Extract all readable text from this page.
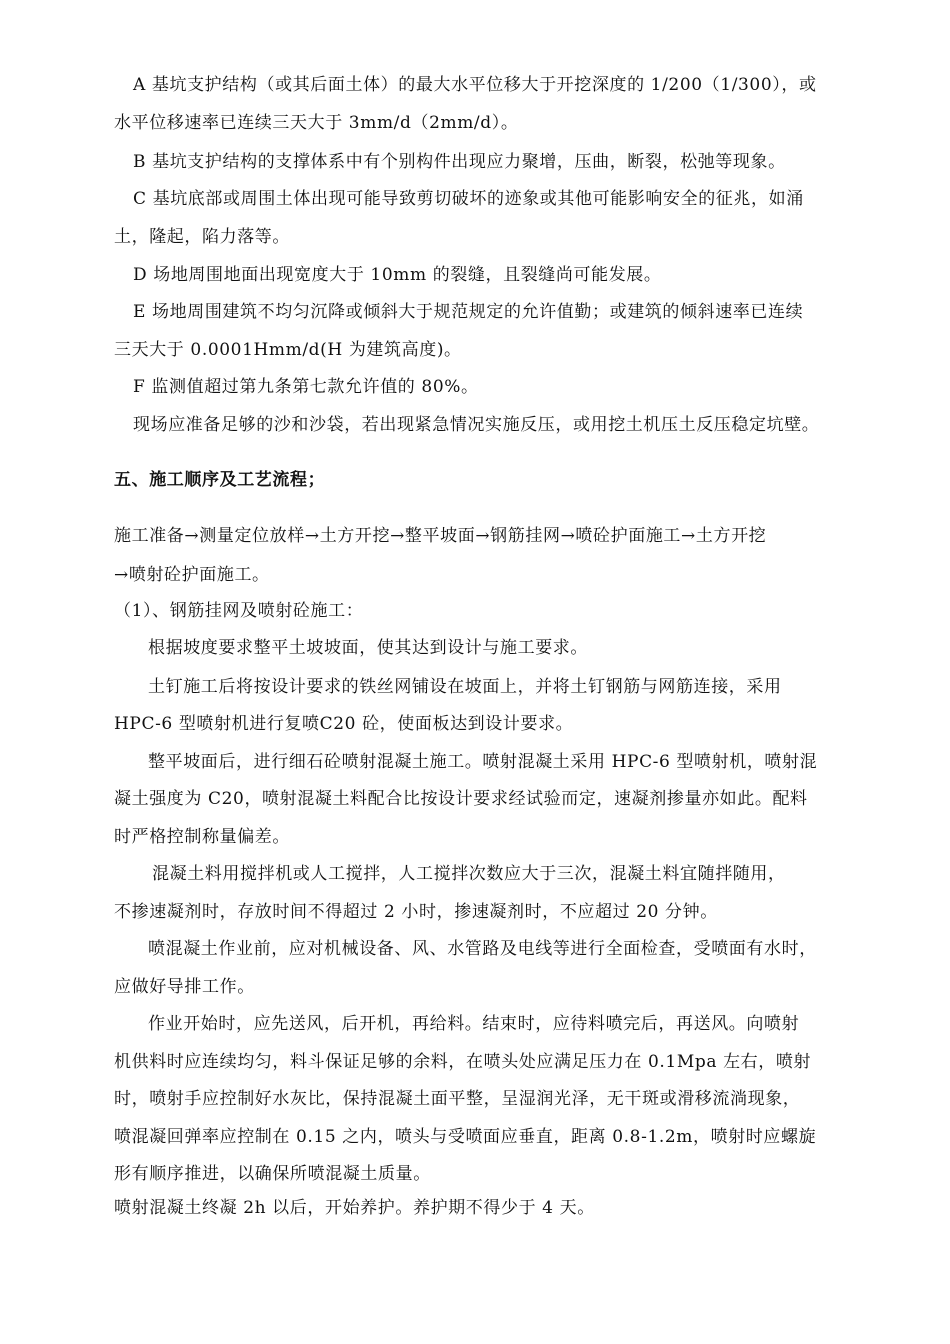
A 基坑支护结构（或其后面土体）的最大水平位移大于开挖深度的 1/200（1/300），或
水平位移速率已连续三天大于 3mm/d（2mm/d）。
B 基坑支护结构的支撑体系中有个别构件出现应力聚增，压曲，断裂，松弛等现象。
C 基坑底部或周围土体出现可能导致剪切破坏的迹象或其他可能影响安全的征兆，如涌
土，隆起，陷力落等。
D 场地周围地面出现宽度大于 10mm 的裂缝，且裂缝尚可能发展。
E 场地周围建筑不均匀沉降或倾斜大于规范规定的允许值勤；或建筑的倾斜速率已连续
三天大于 0.0001Hmm/d(H 为建筑高度)。
F 监测值超过第九条第七款允许值的 80%。
现场应准备足够的沙和沙袋，若出现紧急情况实施反压，或用挖土机压土反压稳定坑壁。
五、施工顺序及工艺流程；
施工准备→测量定位放样→土方开挖→整平坡面→钢筋挂网→喷砼护面施工→土方开挖
→喷射砼护面施工。
（1）、钢筋挂网及喷射砼施工：
根据坡度要求整平土坡坡面，使其达到设计与施工要求。
土钉施工后将按设计要求的铁丝网铺设在坡面上，并将土钉钢筋与网筋连接，采用
HPC-6 型喷射机进行复喷C20 砼，使面板达到设计要求。
整平坡面后，进行细石砼喷射混凝土施工。喷射混凝土采用 HPC-6 型喷射机，喷射混
凝土强度为 C20，喷射混凝土料配合比按设计要求经试验而定，速凝剂掺量亦如此。配料
时严格控制称量偏差。
混凝土料用搅拌机或人工搅拌，人工搅拌次数应大于三次，混凝土料宜随拌随用，
不掺速凝剂时，存放时间不得超过 2 小时，掺速凝剂时，不应超过 20 分钟。
喷混凝土作业前，应对机械设备、风、水管路及电线等进行全面检查，受喷面有水时，
应做好导排工作。
作业开始时，应先送风，后开机，再给料。结束时，应待料喷完后，再送风。向喷射
机供料时应连续均匀，料斗保证足够的余料，在喷头处应满足压力在 0.1Mpa 左右，喷射
时，喷射手应控制好水灰比，保持混凝土面平整，呈湿润光泽，无干斑或滑移流淌现象，
喷混凝回弹率应控制在 0.15 之内，喷头与受喷面应垂直，距离 0.8-1.2m，喷射时应螺旋
形有顺序推进，以确保所喷混凝土质量。
喷射混凝土终凝 2h 以后，开始养护。养护期不得少于 4 天。
